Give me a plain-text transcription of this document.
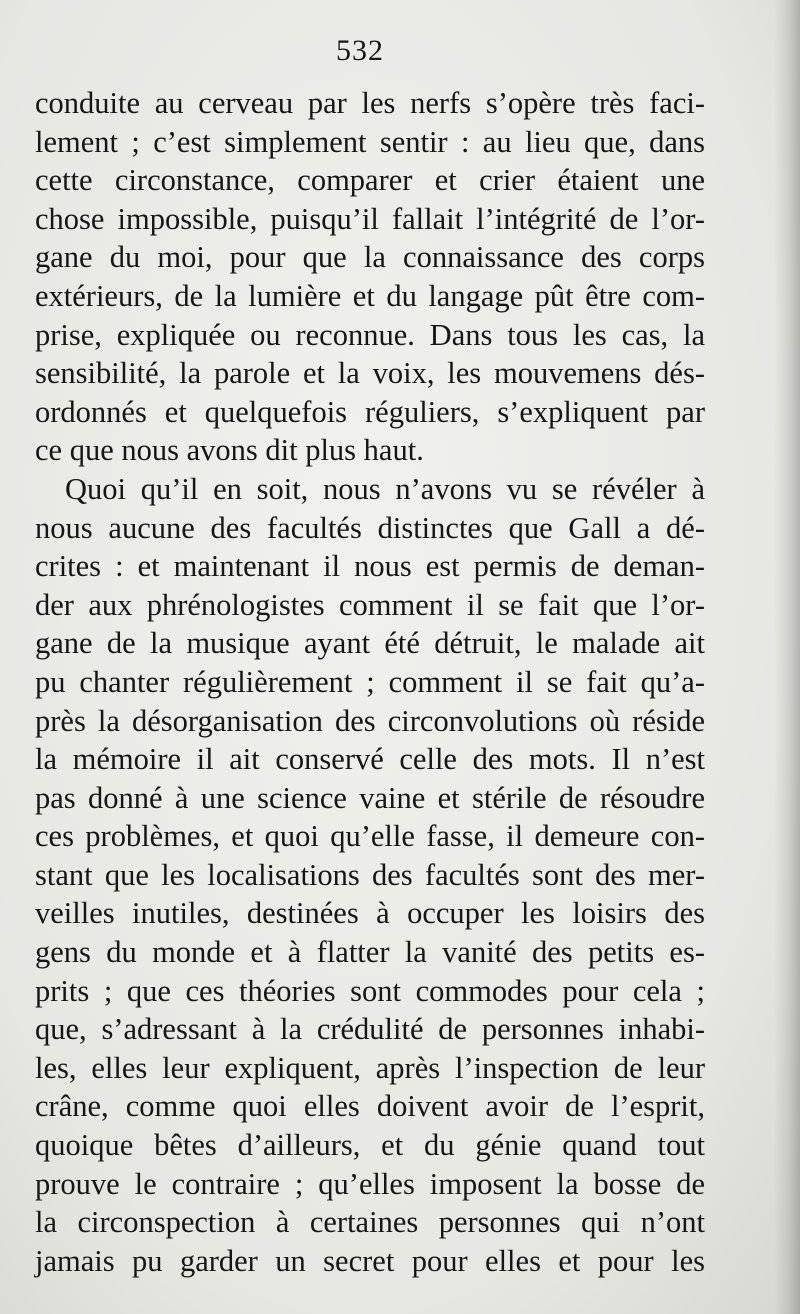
532
conduite au cerveau par les nerfs s’opère très faci-
lement ; c’est simplement sentir : au lieu que, dans
cette circonstance, comparer et crier étaient une
chose impossible, puisqu’il fallait l’intégrité de l’or-
gane du moi, pour que la connaissance des corps
extérieurs, de la lumière et du langage pût être com-
prise, expliquée ou reconnue. Dans tous les cas, la
sensibilité, la parole et la voix, les mouvemens dés-
ordonnés et quelquefois réguliers, s’expliquent par
ce que nous avons dit plus haut.
Quoi qu’il en soit, nous n’avons vu se révéler à
nous aucune des facultés distinctes que Gall a dé-
crites : et maintenant il nous est permis de deman-
der aux phrénologistes comment il se fait que l’or-
gane de la musique ayant été détruit, le malade ait
pu chanter régulièrement ; comment il se fait qu’a-
près la désorganisation des circonvolutions où réside
la mémoire il ait conservé celle des mots. Il n’est
pas donné à une science vaine et stérile de résoudre
ces problèmes, et quoi qu’elle fasse, il demeure con-
stant que les localisations des facultés sont des mer-
veilles inutiles, destinées à occuper les loisirs des
gens du monde et à flatter la vanité des petits es-
prits ; que ces théories sont commodes pour cela ;
que, s’adressant à la crédulité de personnes inhabi-
les, elles leur expliquent, après l’inspection de leur
crâne, comme quoi elles doivent avoir de l’esprit,
quoique bêtes d’ailleurs, et du génie quand tout
prouve le contraire ; qu’elles imposent la bosse de
la circonspection à certaines personnes qui n’ont
jamais pu garder un secret pour elles et pour les
